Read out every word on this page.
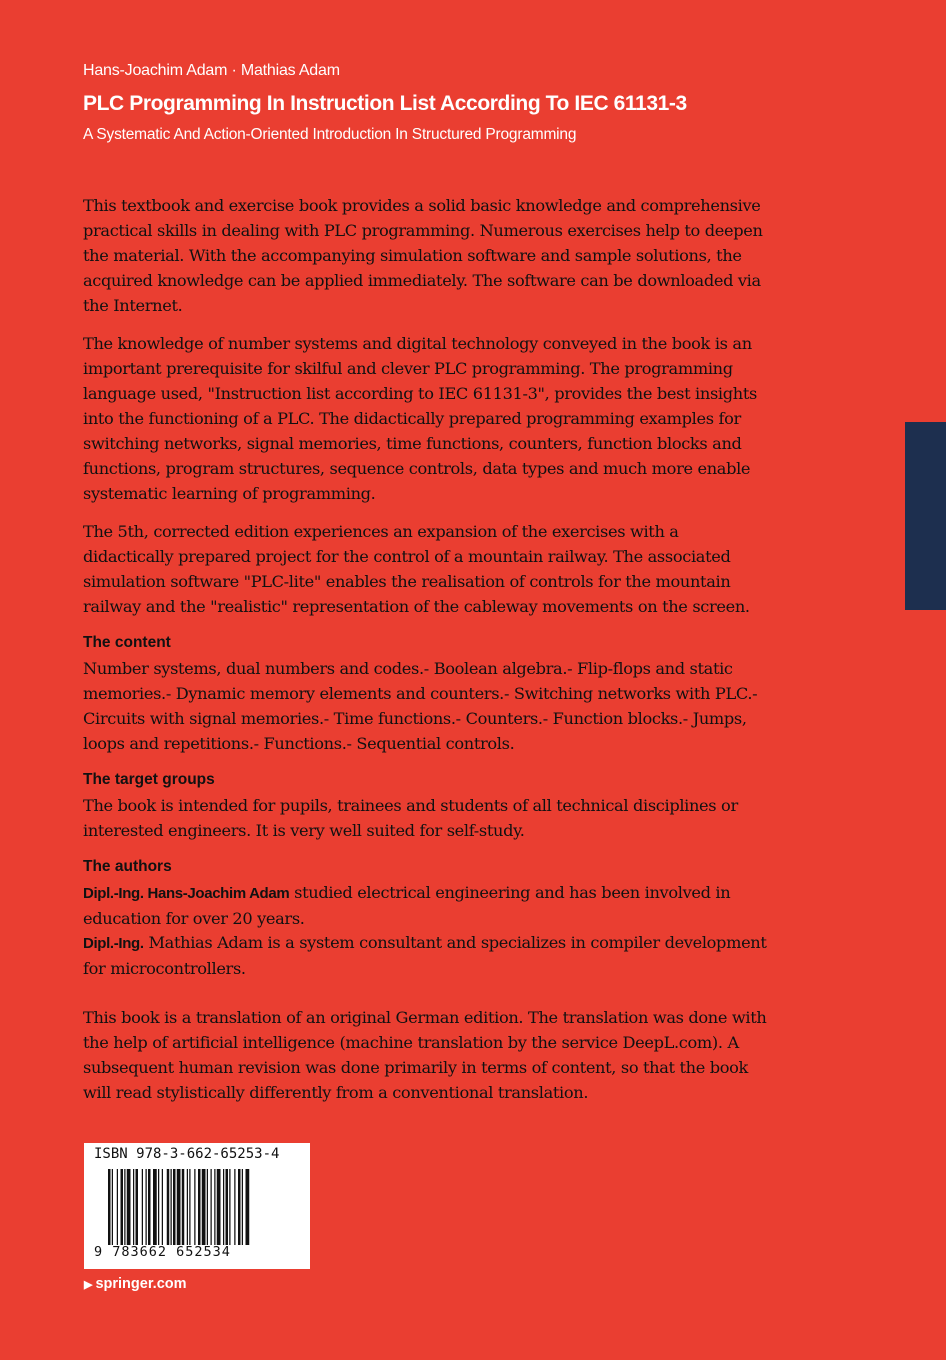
Hans-Joachim Adam · Mathias Adam
PLC Programming In Instruction List According To IEC 61131-3
A Systematic And Action-Oriented Introduction In Structured Programming

This textbook and exercise book provides a solid basic knowledge and comprehensive practical skills in dealing with PLC programming. Numerous exercises help to deepen the material. With the accompanying simulation software and sample solutions, the acquired knowledge can be applied immediately. The software can be downloaded via the Internet.

The knowledge of number systems and digital technology conveyed in the book is an important prerequisite for skilful and clever PLC programming. The programming language used, "Instruction list according to IEC 61131-3", provides the best insights into the functioning of a PLC. The didactically prepared programming examples for switching networks, signal memories, time functions, counters, function blocks and functions, program structures, sequence controls, data types and much more enable systematic learning of programming.

The 5th, corrected edition experiences an expansion of the exercises with a didactically prepared project for the control of a mountain railway. The associated simulation software "PLC-lite" enables the realisation of controls for the mountain railway and the "realistic" representation of the cableway movements on the screen.

The content

Number systems, dual numbers and codes.- Boolean algebra.- Flip-flops and static memories.- Dynamic memory elements and counters.- Switching networks with PLC.- Circuits with signal memories.- Time functions.- Counters.- Function blocks.- Jumps, loops and repetitions.- Functions.- Sequential controls.

The target groups

The book is intended for pupils, trainees and students of all technical disciplines or interested engineers. It is very well suited for self-study.

The authors

Dipl.-Ing. Hans-Joachim Adam studied electrical engineering and has been involved in education for over 20 years.

Dipl.-Ing. Mathias Adam is a system consultant and specializes in compiler development for microcontrollers.

This book is a translation of an original German edition. The translation was done with the help of artificial intelligence (machine translation by the service DeepL.com). A subsequent human revision was done primarily in terms of content, so that the book will read stylistically differently from a conventional translation.

ISBN 978-3-662-65253-4
9 783662 652534
▶ springer.com
